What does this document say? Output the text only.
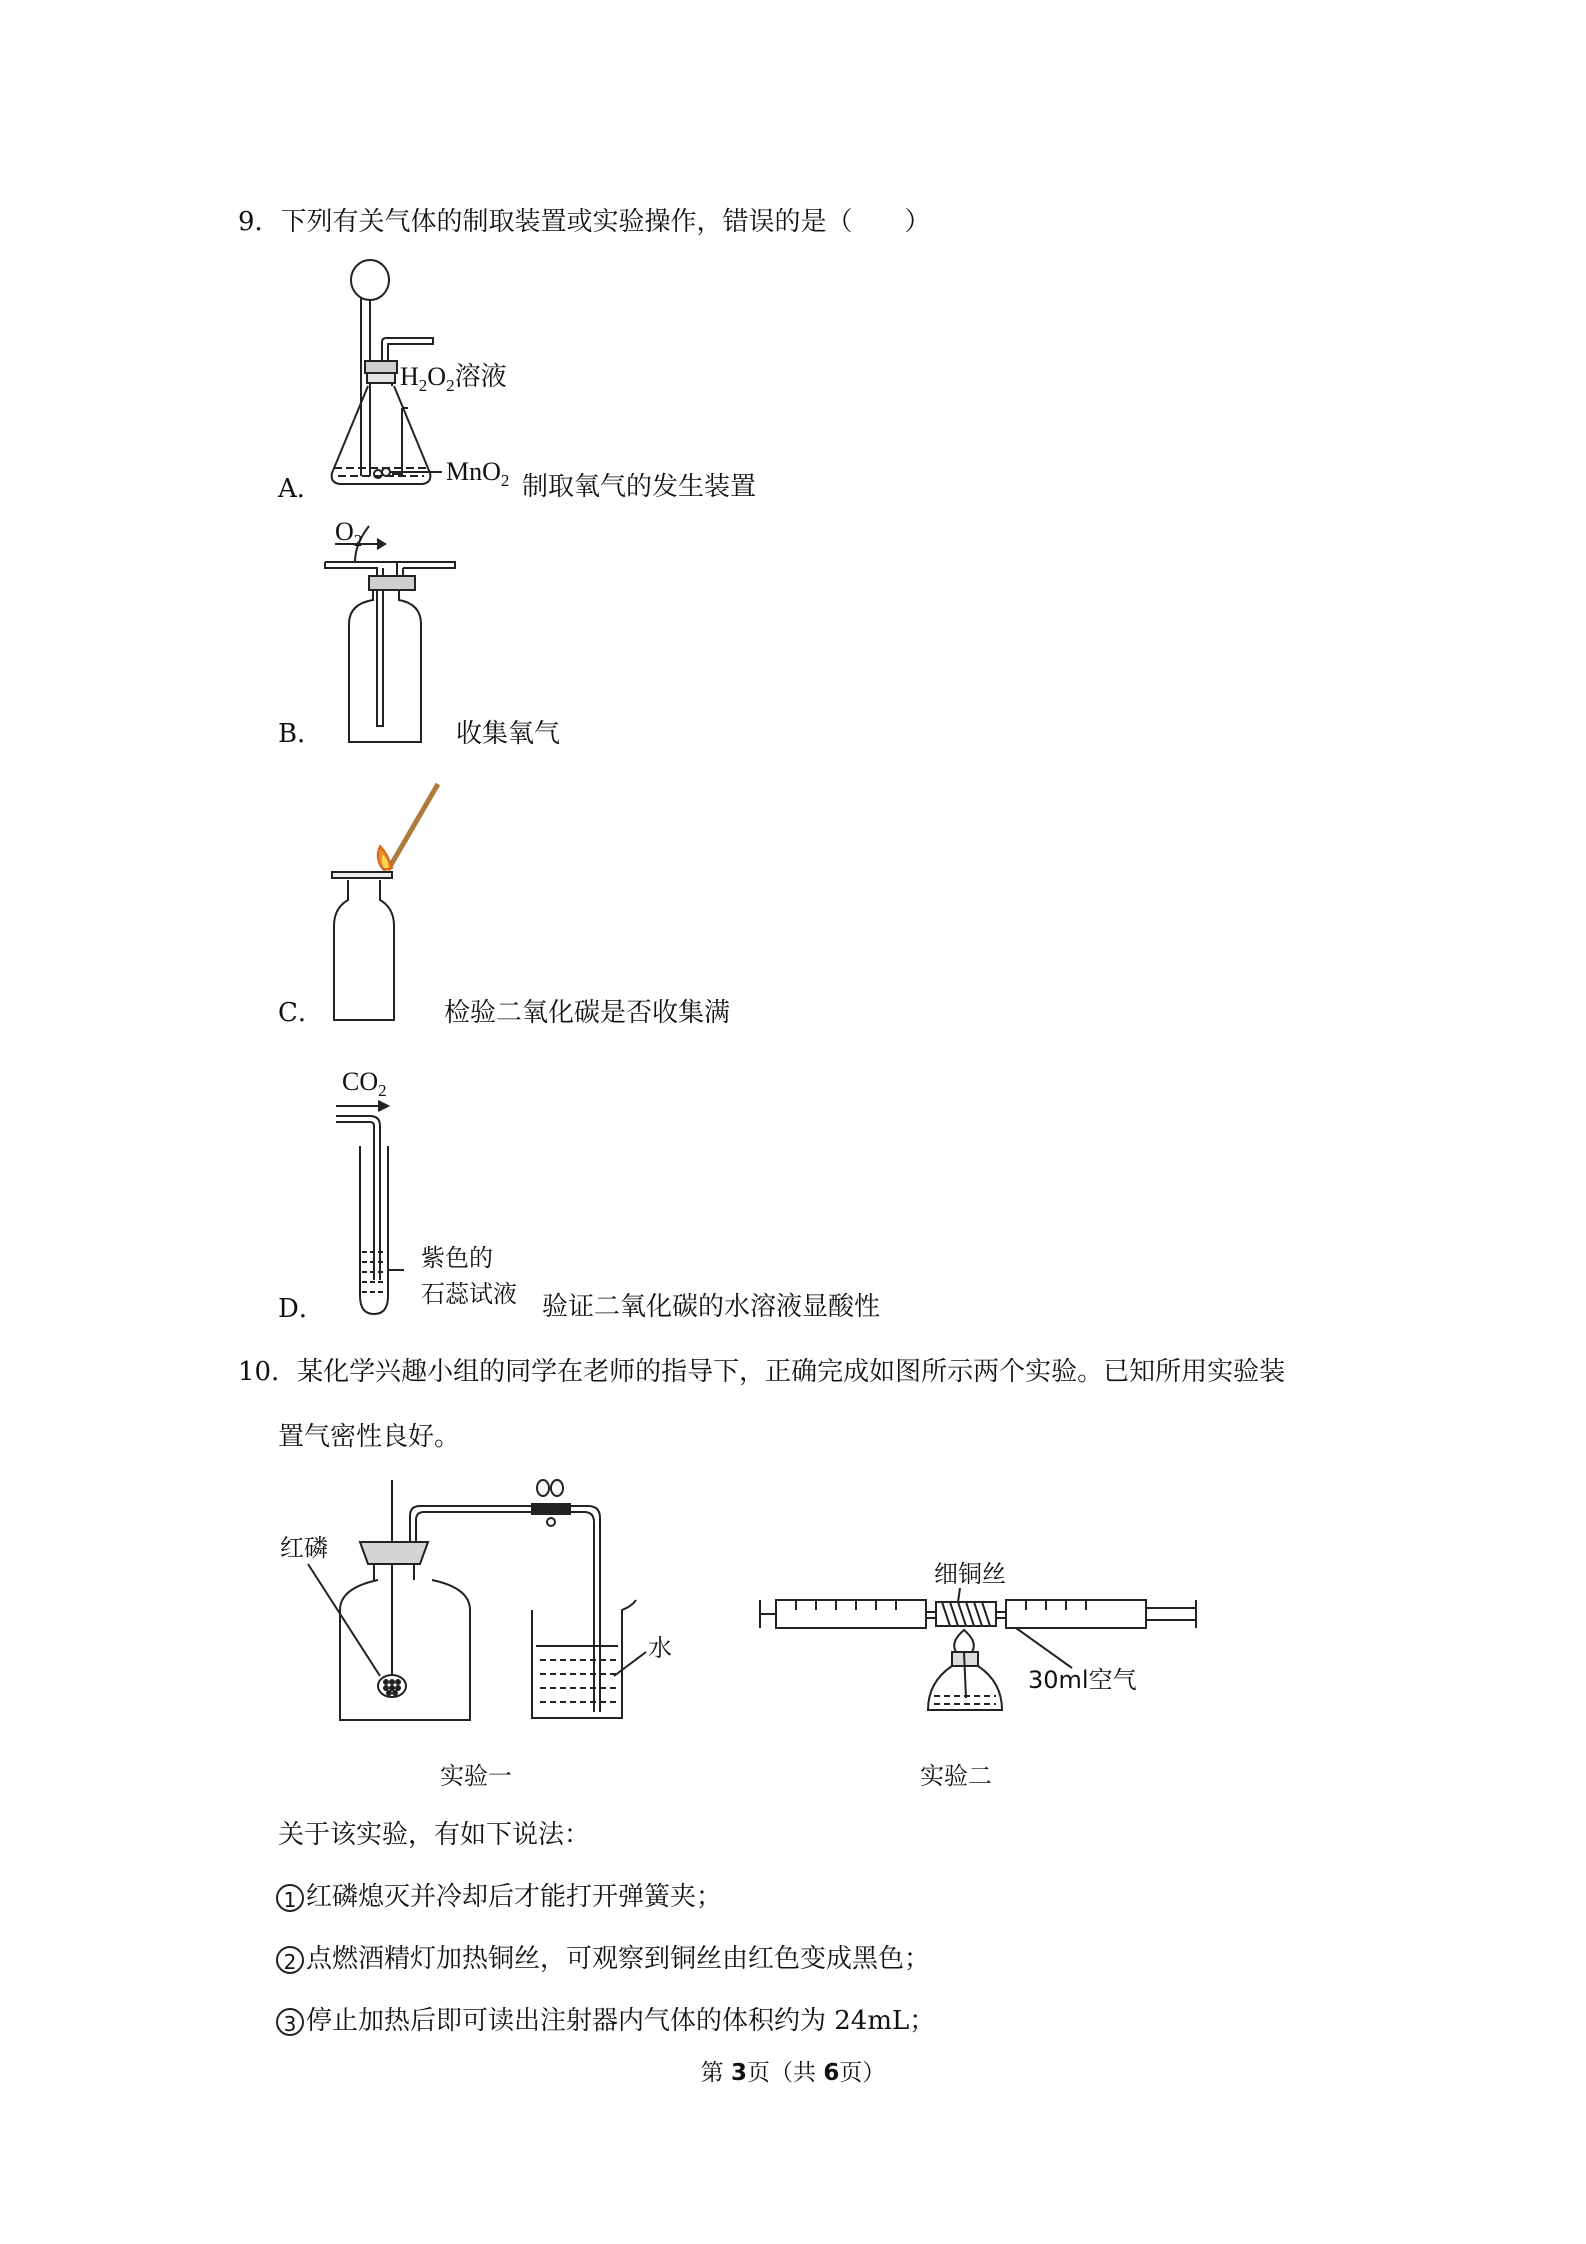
9．下列有关气体的制取装置或实验操作，错误的是（　　）
$H_2O_2$溶液
MnO$_2$
A．	制取氧气的发生装置
$O_2$
B．	收集氧气
C．	检验二氧化碳是否收集满
$CO_2$
紫色的
石蕊试液
D．	验证二氧化碳的水溶液显酸性
10．某化学兴趣小组的同学在老师的指导下，正确完成如图所示两个实验。已知所用实验装
置气密性良好。
红磷
水
实验一
细铜丝
30ml空气
实验二
关于该实验，有如下说法：
1 红磷熄灭并冷却后才能打开弹簧夹；
2 点燃酒精灯加热铜丝，可观察到铜丝由红色变成黑色；
3 停止加热后即可读出注射器内气体的体积约为 24mL；
第 3页（共 6页）
